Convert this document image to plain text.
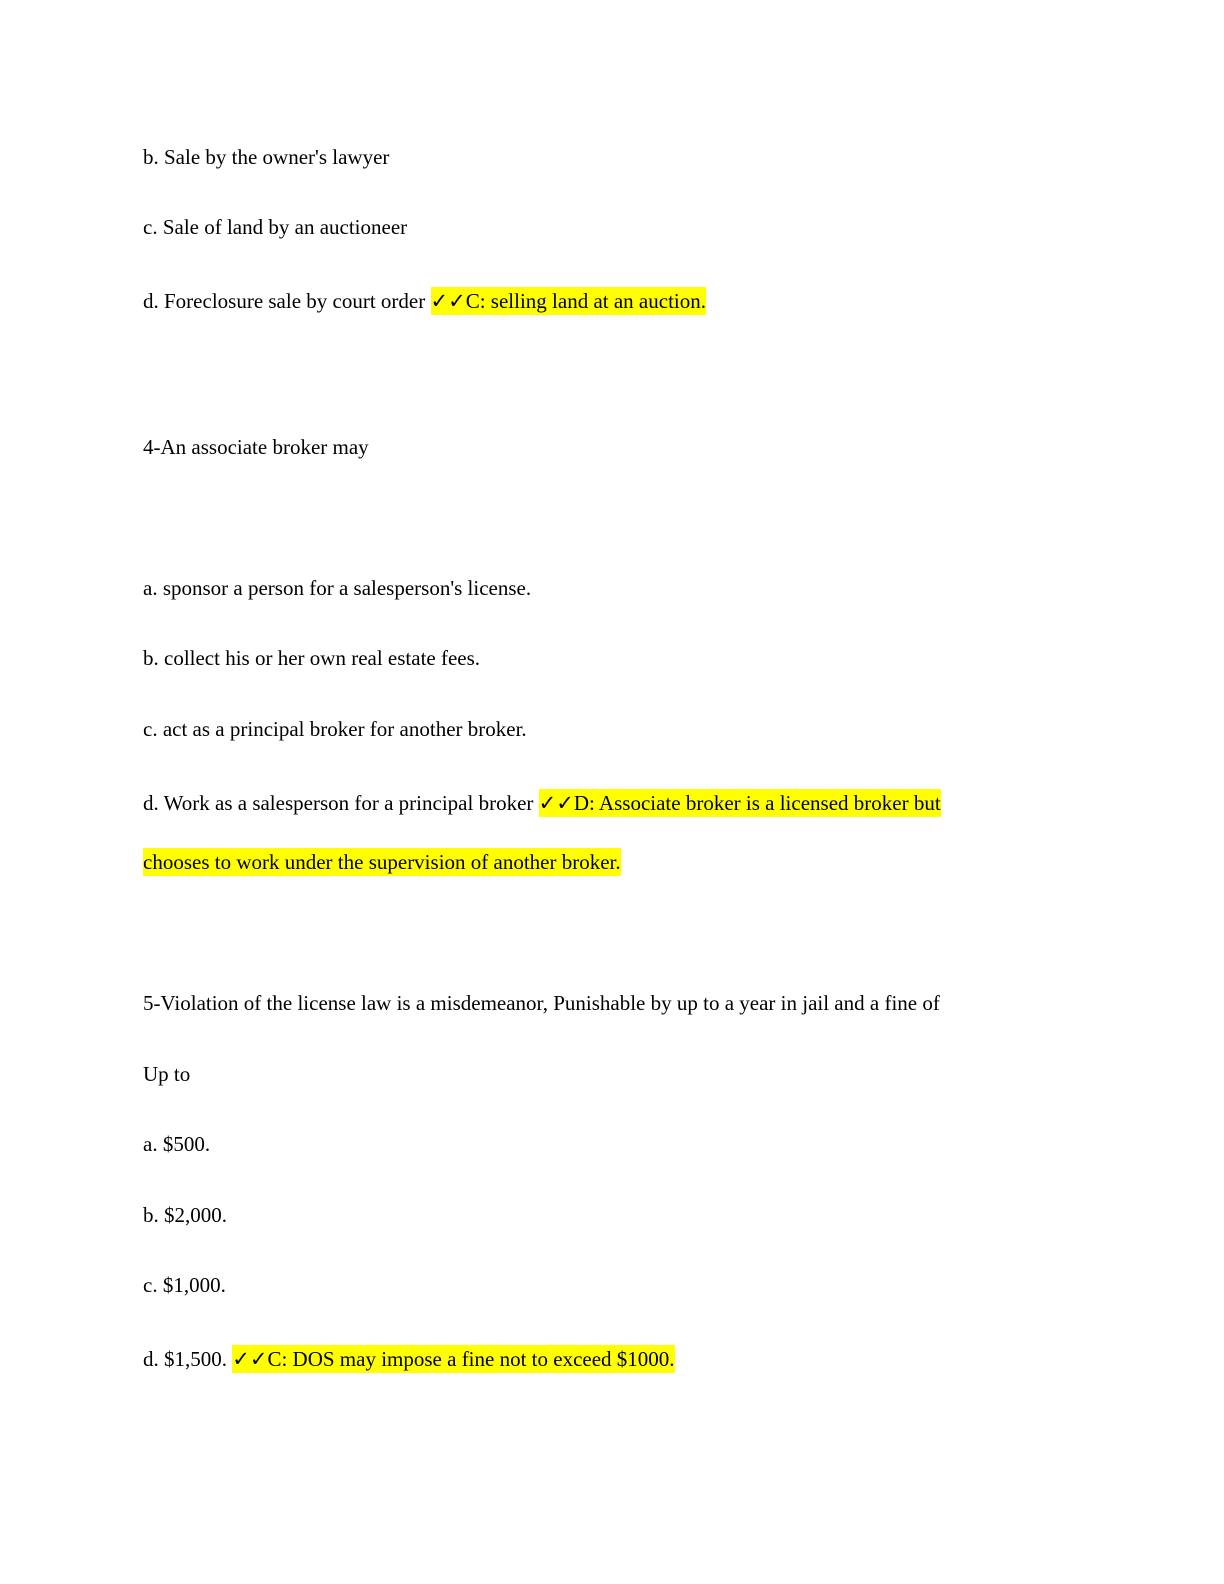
b. Sale by the owner's lawyer
c. Sale of land by an auctioneer
d. Foreclosure sale by court order ✓✓C: selling land at an auction.
4-An associate broker may
a. sponsor a person for a salesperson's license.
b. collect his or her own real estate fees.
c. act as a principal broker for another broker.
d. Work as a salesperson for a principal broker ✓✓D: Associate broker is a licensed broker but
chooses to work under the supervision of another broker.
5-Violation of the license law is a misdemeanor, Punishable by up to a year in jail and a fine of
Up to
a. $500.
b. $2,000.
c. $1,000.
d. $1,500. ✓✓C: DOS may impose a fine not to exceed $1000.
